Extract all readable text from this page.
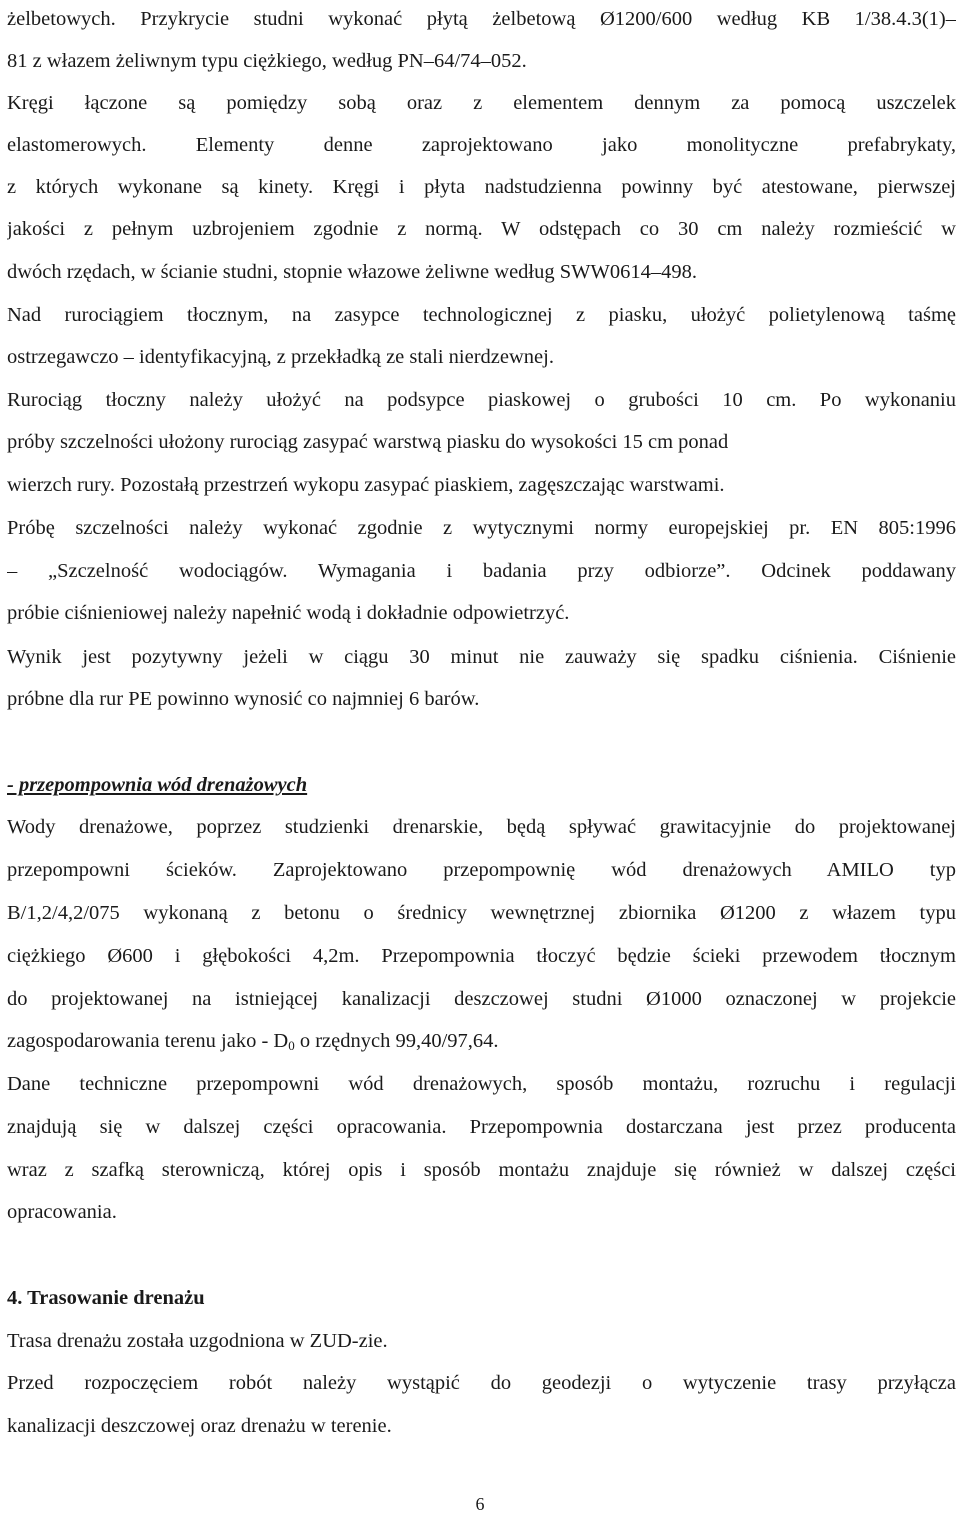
żelbetowych. Przykrycie studni wykonać płytą żelbetową Ø1200/600 według KB 1/38.4.3(1)–
81 z włazem żeliwnym typu ciężkiego, według PN–64/74–052.
Kręgi łączone są pomiędzy sobą oraz z elementem dennym za pomocą uszczelek
elastomerowych. Elementy denne zaprojektowano jako monolityczne prefabrykaty,
z których wykonane są kinety. Kręgi i płyta nadstudzienna powinny być atestowane, pierwszej
jakości z pełnym uzbrojeniem zgodnie z normą. W odstępach co 30 cm należy rozmieścić w
dwóch rzędach, w ścianie studni, stopnie włazowe żeliwne według SWW0614–498.
Nad rurociągiem tłocznym, na zasypce technologicznej z piasku, ułożyć polietylenową taśmę
ostrzegawczo – identyfikacyjną, z przekładką ze stali nierdzewnej.
Rurociąg tłoczny należy ułożyć na podsypce piaskowej o grubości 10 cm. Po wykonaniu
próby szczelności ułożony rurociąg zasypać warstwą piasku do wysokości 15 cm ponad
wierzch rury. Pozostałą przestrzeń wykopu zasypać piaskiem, zagęszczając warstwami.
Próbę szczelności należy wykonać zgodnie z wytycznymi normy europejskiej pr. EN 805:1996
– „Szczelność wodociągów. Wymagania i badania przy odbiorze”. Odcinek poddawany
próbie ciśnieniowej należy napełnić wodą i dokładnie odpowietrzyć.
Wynik jest pozytywny jeżeli w ciągu 30 minut nie zauważy się spadku ciśnienia. Ciśnienie
próbne dla rur PE powinno wynosić co najmniej 6 barów.
- przepompownia wód drenażowych
Wody drenażowe, poprzez studzienki drenarskie, będą spływać grawitacyjnie do projektowanej
przepompowni ścieków. Zaprojektowano przepompownię wód drenażowych AMILO typ
B/1,2/4,2/075 wykonaną z betonu o średnicy wewnętrznej zbiornika Ø1200 z włazem typu
ciężkiego Ø600 i głębokości 4,2m. Przepompownia tłoczyć będzie ścieki przewodem tłocznym
do projektowanej na istniejącej kanalizacji deszczowej studni Ø1000 oznaczonej w projekcie
zagospodarowania terenu jako - $D_0$ o rzędnych 99,40/97,64.
Dane techniczne przepompowni wód drenażowych, sposób montażu, rozruchu i regulacji
znajdują się w dalszej części opracowania. Przepompownia dostarczana jest przez producenta
wraz z szafką sterowniczą, której opis i sposób montażu znajduje się również w dalszej części
opracowania.
4. Trasowanie drenażu
Trasa drenażu została uzgodniona w ZUD-zie.
Przed rozpoczęciem robót należy wystąpić do geodezji o wytyczenie trasy przyłącza
kanalizacji deszczowej oraz drenażu w terenie.
6
